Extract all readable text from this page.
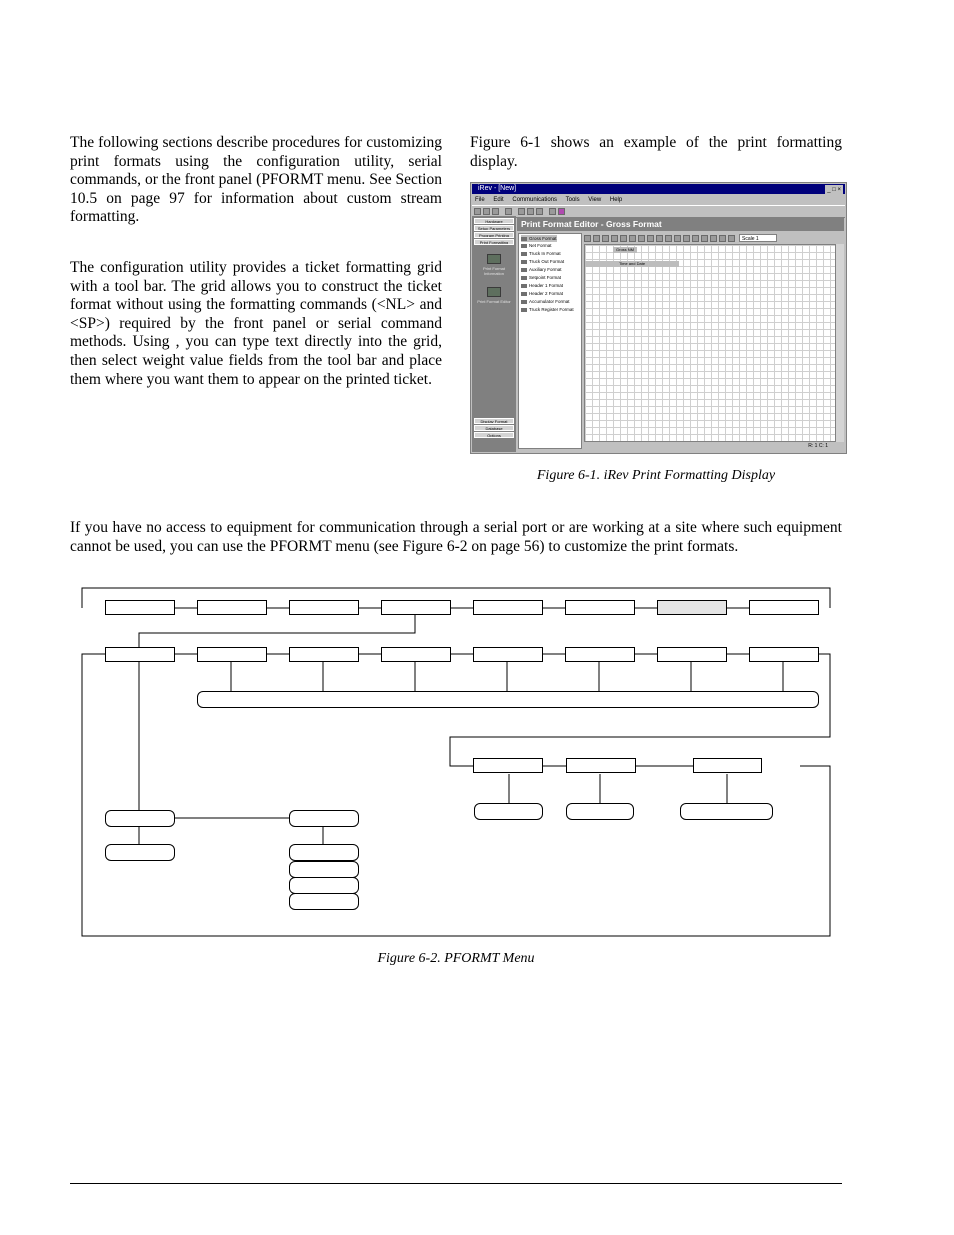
The following sections describe procedures for customizing print formats using the configuration utility, serial commands, or the front panel (PFORMT menu. See Section 10.5 on page 97 for information about custom stream formatting.

The configuration utility provides a ticket formatting grid with a tool bar. The grid allows you to construct the ticket format without using the formatting commands (<NL> and <SP>) required by the front panel or serial command methods. Using , you can type text directly into the grid, then select weight value fields from the tool bar and place them where you want them to appear on the printed ticket.

Figure 6-1 shows an example of the print formatting display.

iRev - [New]	_ □ ×
File Edit Communications Tools View Help
Hardware
Setup Parameters
Program Printing
Print Formatting
Print Format Information
Print Format Editor
Display Format
Database
Options
Print Format Editor - Gross Format
Gross Format
Net Format
Truck In Format
Truck Out Format
Auxiliary Format
Setpoint Format
Header 1 Format
Header 2 Format
Accumulator Format
Truck Register Format
Scale 1
Gross NM
Time and Date
R: 1 C: 1
Figure 6-1. iRev Print Formatting Display

If you have no access to equipment for communication through a serial port or are working at a site where such equipment cannot be used, you can use the PFORMT menu (see Figure 6-2 on page 56) to customize the print formats.

Figure 6-2. PFORMT Menu
